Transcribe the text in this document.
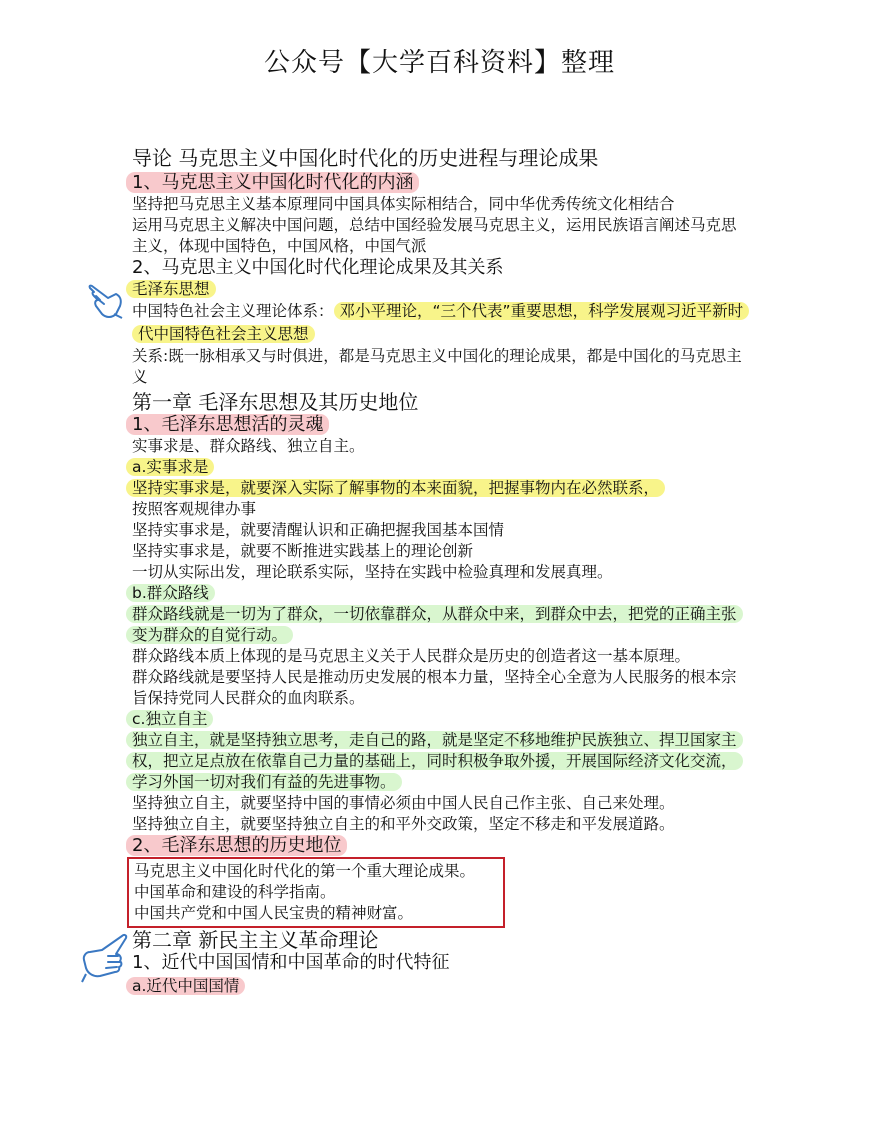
公众号【大学百科资料】整理
导论 马克思主义中国化时代化的历史进程与理论成果
1、马克思主义中国化时代化的内涵
坚持把马克思主义基本原理同中国具体实际相结合，同中华优秀传统文化相结合
运用马克思主义解决中国问题，总结中国经验发展马克思主义，运用民族语言阐述马克思主义，体现中国特色，中国风格，中国气派
2、马克思主义中国化时代化理论成果及其关系
毛泽东思想
中国特色社会主义理论体系： 邓小平理论，“三个代表”重要思想，科学发展观习近平新时代中国特色社会主义思想
关系:既一脉相承又与时俱进，都是马克思主义中国化的理论成果，都是中国化的马克思主义
第一章 毛泽东思想及其历史地位
1、毛泽东思想活的灵魂
实事求是、群众路线、独立自主。
a.实事求是
坚持实事求是，就要深入实际了解事物的本来面貌，把握事物内在必然联系，
按照客观规律办事
坚持实事求是，就要清醒认识和正确把握我国基本国情
坚持实事求是，就要不断推进实践基上的理论创新
一切从实际出发，理论联系实际，坚持在实践中检验真理和发展真理。
b.群众路线
群众路线就是一切为了群众，一切依靠群众，从群众中来，到群众中去，把党的正确主张变为群众的自觉行动。
群众路线本质上体现的是马克思主义关于人民群众是历史的创造者这一基本原理。
群众路线就是要坚持人民是推动历史发展的根本力量，坚持全心全意为人民服务的根本宗旨保持党同人民群众的血肉联系。
c.独立自主
独立自主，就是坚持独立思考，走自己的路，就是坚定不移地维护民族独立、捍卫国家主权，把立足点放在依靠自己力量的基础上，同时积极争取外援，开展国际经济文化交流，学习外国一切对我们有益的先进事物。
坚持独立自主，就要坚持中国的事情必须由中国人民自己作主张、自己来处理。
坚持独立自主，就要坚持独立自主的和平外交政策，坚定不移走和平发展道路。
2、毛泽东思想的历史地位
马克思主义中国化时代化的第一个重大理论成果。
中国革命和建设的科学指南。
中国共产党和中国人民宝贵的精神财富。
第二章 新民主主义革命理论
1、近代中国国情和中国革命的时代特征
a.近代中国国情
